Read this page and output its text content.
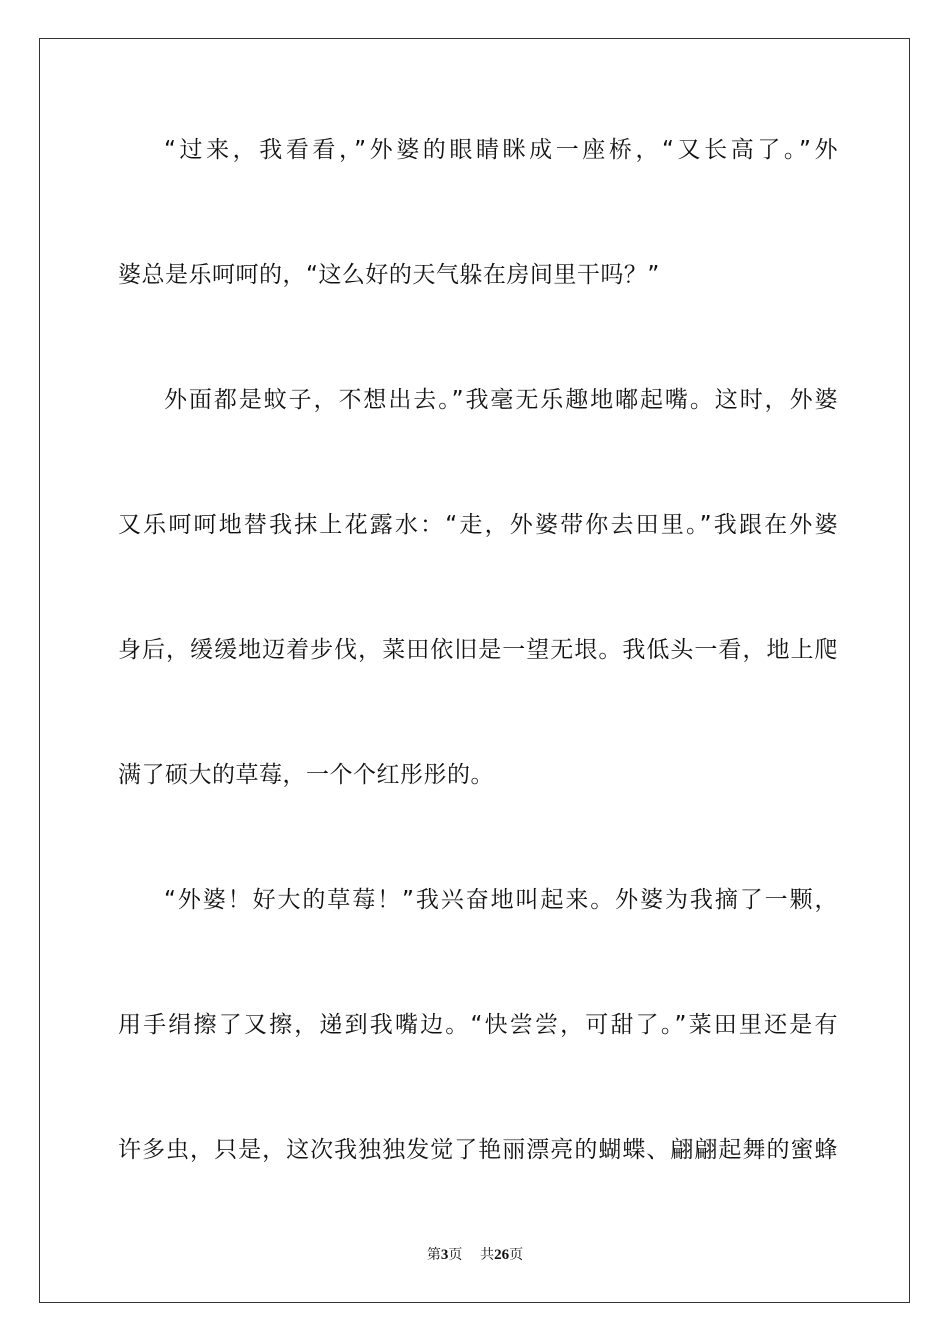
“过来，我看看，”外婆的眼睛眯成一座桥，“又长高了。”外
婆总是乐呵呵的，“这么好的天气躲在房间里干吗？”
外面都是蚊子，不想出去。”我毫无乐趣地嘟起嘴。这时，外婆
又乐呵呵地替我抹上花露水：“走，外婆带你去田里。”我跟在外婆
身后，缓缓地迈着步伐，菜田依旧是一望无垠。我低头一看，地上爬
满了硕大的草莓，一个个红彤彤的。
“外婆！好大的草莓！”我兴奋地叫起来。外婆为我摘了一颗，
用手绢擦了又擦，递到我嘴边。“快尝尝，可甜了。”菜田里还是有
许多虫，只是，这次我独独发觉了艳丽漂亮的蝴蝶、翩翩起舞的蜜蜂
第3页 共26页
